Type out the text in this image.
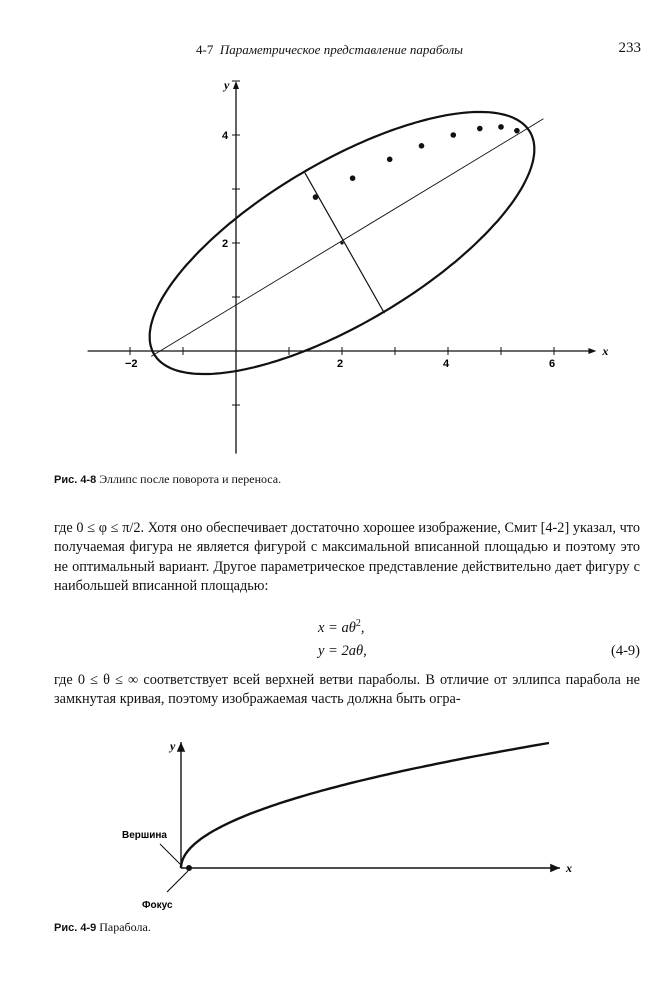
4-7 Параметрическое представление параболы	233
x
y
−2	2	4	6
2
4
Рис. 4-8 Эллипс после поворота и переноса.
где 0 ≤ φ ≤ π/2. Хотя оно обеспечивает достаточно хорошее изображение, Смит [4-2] указал, что получаемая фигура не является фигурой с максимальной вписанной площадью и поэтому это не оптимальный вариант. Другое параметрическое представление действительно дает фигуру с наибольшей вписанной площадью:
$x = a\theta^2$,
y = 2aθ,	(4-9)
где 0 ≤ θ ≤ ∞ соответствует всей верхней ветви параболы. В отличие от эллипса парабола не замкнутая кривая, поэтому изображаемая часть должна быть огра-
x
y
Вершина
Фокус
Рис. 4-9 Парабола.
